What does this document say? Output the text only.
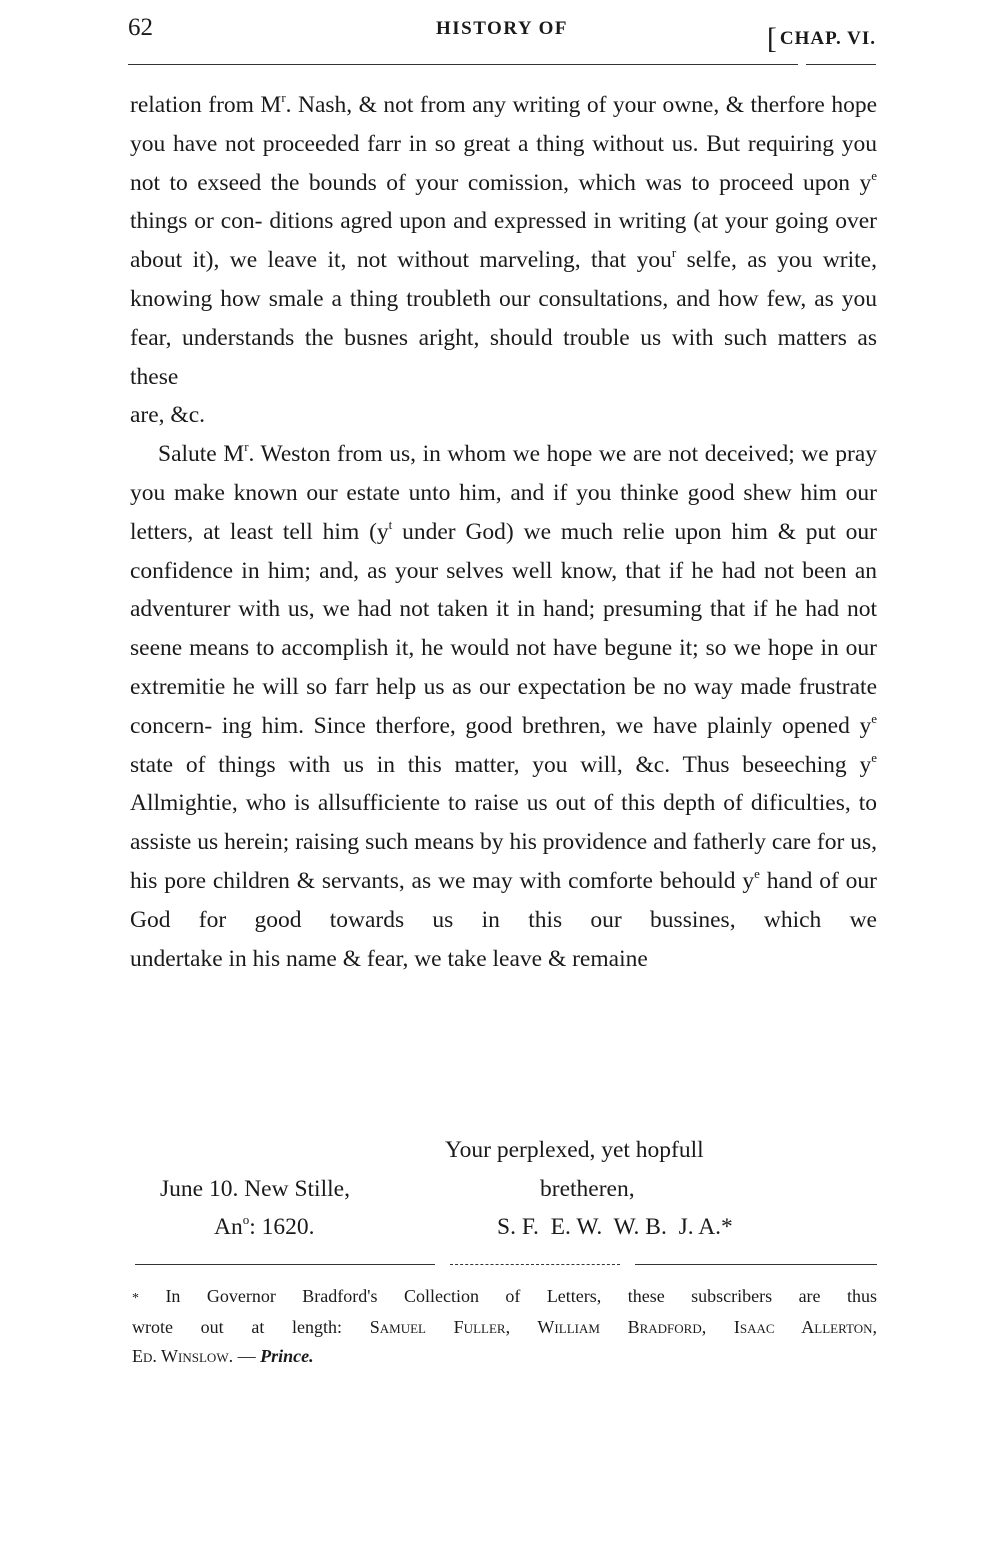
62	HISTORY OF	[ CHAP. VI.

relation from $M^r$. Nash, & not from any writing of your owne, & therfore hope you have not proceeded farr in so great a thing without us. But requiring you not to exseed the bounds of your comission, which was to proceed upon $y^e$ things or con- ditions agred upon and expressed in writing (at your going over about it), we leave it, not without marveling, that you$^r$ selfe, as you write, knowing how smale a thing troubleth our consultations, and how few, as you fear, understands the busnes aright, should trouble us with such matters as these

are, &c.

Salute $M^r$. Weston from us, in whom we hope we are not deceived; we pray you make known our estate unto him, and if you thinke good shew him our letters, at least tell him ($y^t$ under God) we much relie upon him & put our confidence in him; and, as your selves well know, that if he had not been an adventurer with us, we had not taken it in hand; presuming that if he had not seene means to accomplish it, he would not have begune it; so we hope in our extremitie he will so farr help us as our expectation be no way made frustrate concern- ing him. Since therfore, good brethren, we have plainly opened $y^e$ state of things with us in this matter, you will, &c. Thus beseeching $y^e$ Allmightie, who is allsufficiente to raise us out of this depth of dificulties, to assiste us herein; raising such means by his providence and fatherly care for us, his pore children & servants, as we may with comforte behould $y^e$ hand of our God for good towards us in this our bussines, which we

undertake in his name & fear, we take leave & remaine

Your perplexed, yet hopfull
bretheren,
June 10. New Stille,
An$^o$: 1620.	S. F.  E. W.  W. B.  J. A.*
* In Governor Bradford's Collection of Letters, these subscribers are thus
wrote out at length: Samuel Fuller, William Bradford, Isaac Allerton,
Ed. Winslow. — Prince.
